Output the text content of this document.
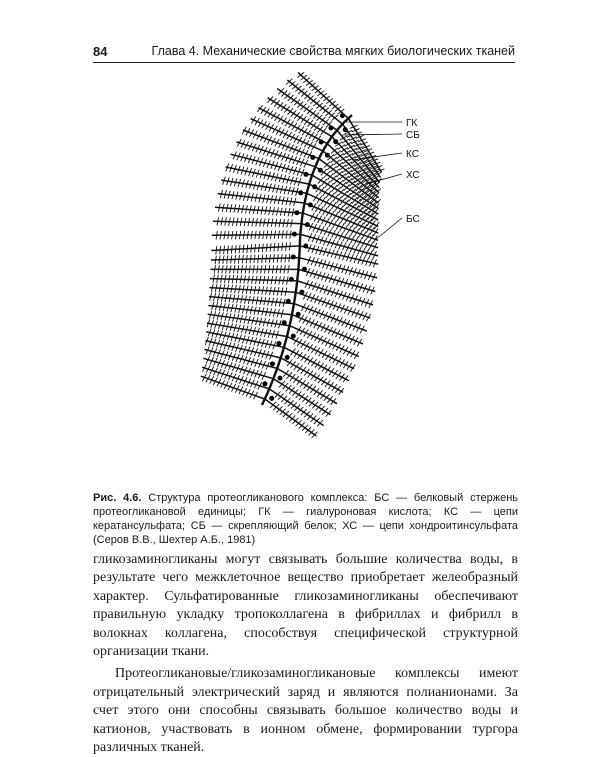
84	Глава 4. Механические свойства мягких биологических тканей
ГК
СБ
КС
ХС
БС
Рис. 4.6. Структура протеогликанового комплекса: БС — белковый стержень протеогликановой единицы; ГК — гиалуроновая кислота; КС — цепи кератансульфата; СБ — скрепляющий белок; ХС — цепи хондроитинсульфата (Серов В.В., Шехтер А.Б., 1981)

гликозаминогликаны могут связывать большие количества воды, в результате чего межклеточное вещество приобретает желеобразный характер. Сульфатированные гликозаминогликаны обеспечивают правильную укладку тропоколлагена в фибриллах и фибрилл в волокнах коллагена, способствуя специфической структурной организации ткани.

Протеогликановые/гликозаминогликановые комплексы имеют отрицательный электрический заряд и являются полианионами. За счет этого они способны связывать большое количество воды и катионов, участвовать в ионном обмене, формировании тургора различных тканей.
